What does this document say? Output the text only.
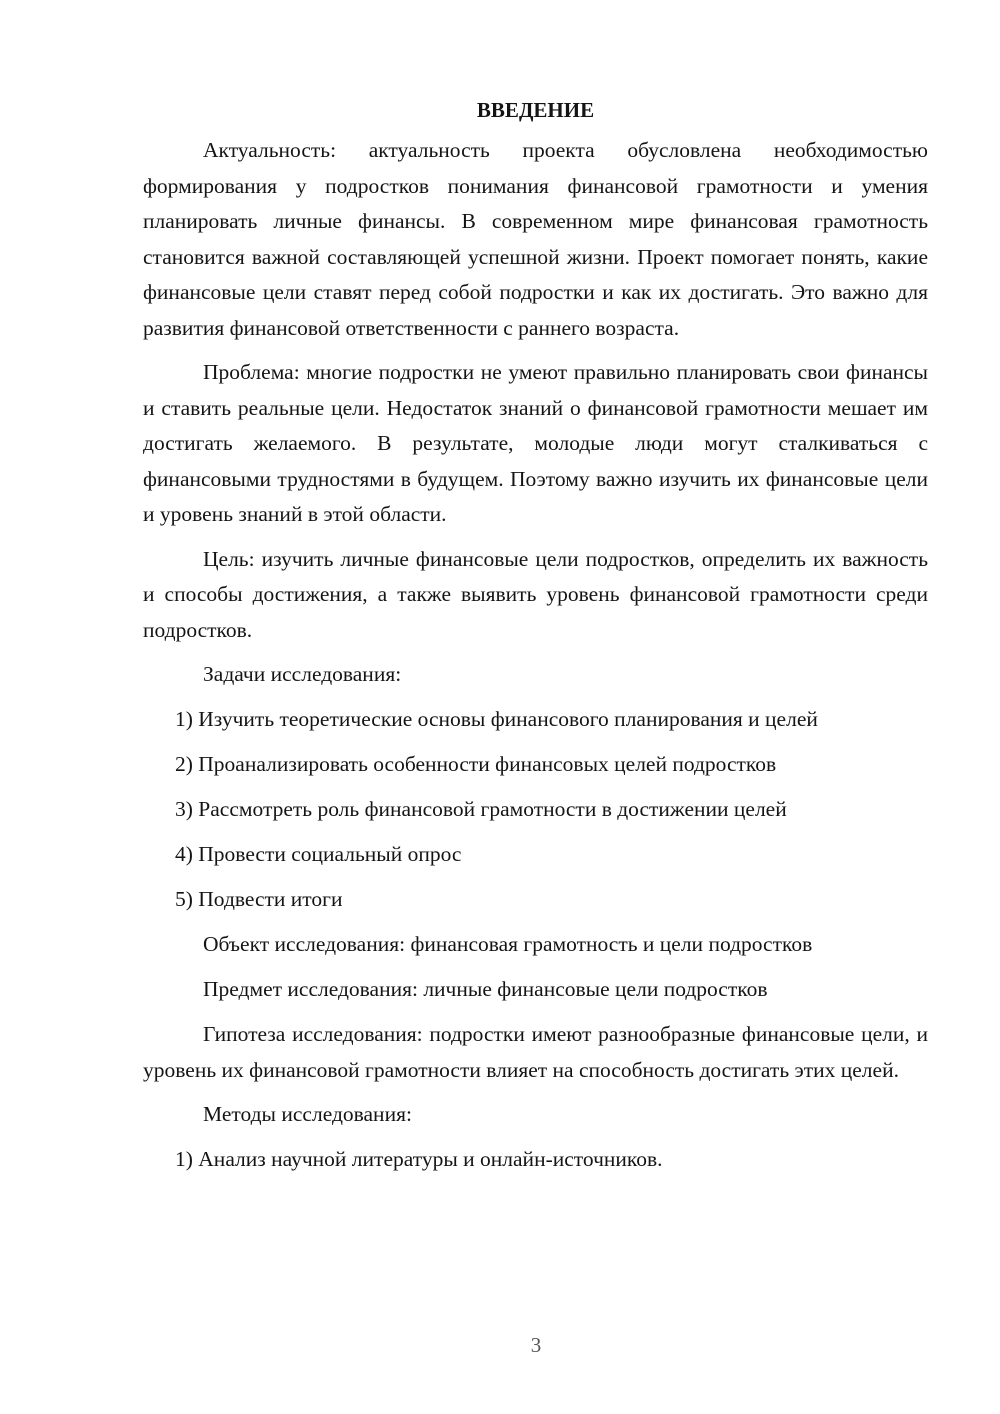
ВВЕДЕНИЕ
Актуальность: актуальность проекта обусловлена необходимостью формирования у подростков понимания финансовой грамотности и умения планировать личные финансы. В современном мире финансовая грамотность становится важной составляющей успешной жизни. Проект помогает понять, какие финансовые цели ставят перед собой подростки и как их достигать. Это важно для развития финансовой ответственности с раннего возраста.
Проблема: многие подростки не умеют правильно планировать свои финансы и ставить реальные цели. Недостаток знаний о финансовой грамотности мешает им достигать желаемого. В результате, молодые люди могут сталкиваться с финансовыми трудностями в будущем. Поэтому важно изучить их финансовые цели и уровень знаний в этой области.
Цель: изучить личные финансовые цели подростков, определить их важность и способы достижения, а также выявить уровень финансовой грамотности среди подростков.
Задачи исследования:
1) Изучить теоретические основы финансового планирования и целей
2) Проанализировать особенности финансовых целей подростков
3) Рассмотреть роль финансовой грамотности в достижении целей
4) Провести социальный опрос
5) Подвести итоги
Объект исследования: финансовая грамотность и цели подростков
Предмет исследования: личные финансовые цели подростков
Гипотеза исследования: подростки имеют разнообразные финансовые цели, и уровень их финансовой грамотности влияет на способность достигать этих целей.
Методы исследования:
1) Анализ научной литературы и онлайн-источников.
3
